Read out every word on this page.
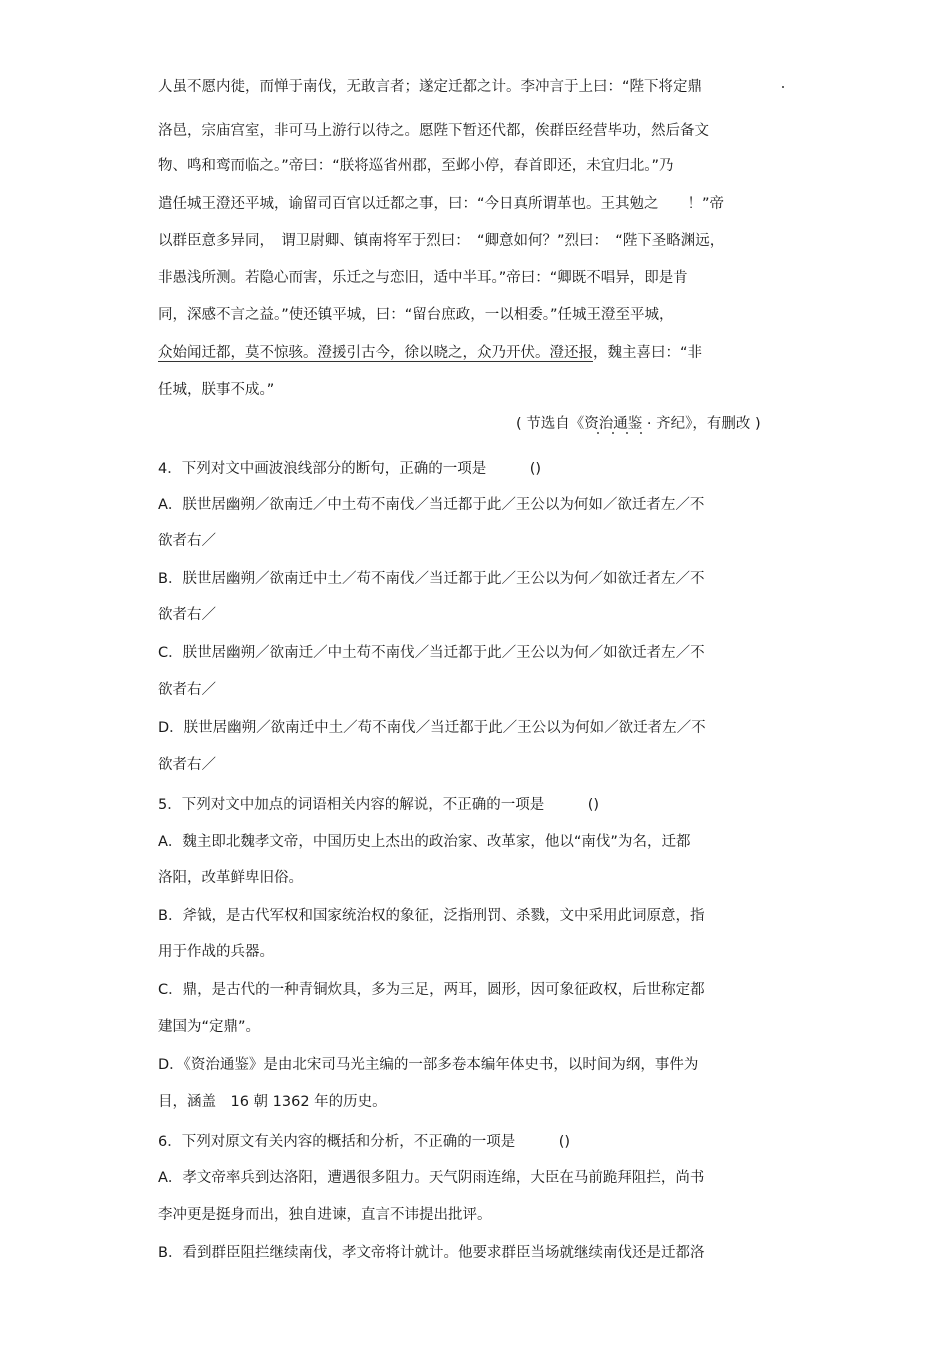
人虽不愿内徙，而惮于南伐，无敢言者；遂定迁都之计。李冲言于上曰：“陛下将定鼎
洛邑，宗庙宫室，非可马上游行以待之。愿陛下暂还代都，俟群臣经营毕功，然后备文
物、鸣和鸾而临之。”帝曰：“朕将巡省州郡，至邺小停，春首即还，未宜归北。”乃
遣任城王澄还平城，谕留司百官以迁都之事，曰：“今日真所谓革也。王其勉之　　！”帝
以群臣意多异同，　谓卫尉卿、镇南将军于烈曰：　“卿意如何？”烈曰：　“陛下圣略渊远，
非愚浅所测。若隐心而害，乐迁之与恋旧，适中半耳。”帝曰：“卿既不唱异，即是肯
同，深感不言之益。”使还镇平城，曰：“留台庶政，一以相委。”任城王澄至平城，
众始闻迁都，莫不惊骇。澄援引古今，徐以晓之，众乃开伏。澄还报，魏主喜曰：“非
任城，朕事不成。”
( 节选自《资治通鉴 · 齐纪》，有删改 )
4．下列对文中画波浪线部分的断句，正确的一项是　　　()
A．朕世居幽朔／欲南迁／中土苟不南伐／当迁都于此／王公以为何如／欲迁者左／不
欲者右／
B．朕世居幽朔／欲南迁中土／苟不南伐／当迁都于此／王公以为何／如欲迁者左／不
欲者右／
C．朕世居幽朔／欲南迁／中土苟不南伐／当迁都于此／王公以为何／如欲迁者左／不
欲者右／
D．朕世居幽朔／欲南迁中土／苟不南伐／当迁都于此／王公以为何如／欲迁者左／不
欲者右／
5．下列对文中加点的词语相关内容的解说，不正确的一项是　　　()
A．魏主即北魏孝文帝，中国历史上杰出的政治家、改革家，他以“南伐”为名，迁都
洛阳，改革鲜卑旧俗。
B．斧钺，是古代军权和国家统治权的象征，泛指刑罚、杀戮，文中采用此词原意，指
用于作战的兵器。
C．鼎，是古代的一种青铜炊具，多为三足，两耳，圆形，因可象征政权，后世称定都
建国为“定鼎”。
D．《资治通鉴》是由北宋司马光主编的一部多卷本编年体史书，以时间为纲，事件为
目，涵盖　16 朝 1362 年的历史。
6．下列对原文有关内容的概括和分析，不正确的一项是　　　()
A．孝文帝率兵到达洛阳，遭遇很多阻力。天气阴雨连绵，大臣在马前跪拜阻拦，尚书
李冲更是挺身而出，独自进谏，直言不讳提出批评。
B．看到群臣阻拦继续南伐，孝文帝将计就计。他要求群臣当场就继续南伐还是迁都洛
